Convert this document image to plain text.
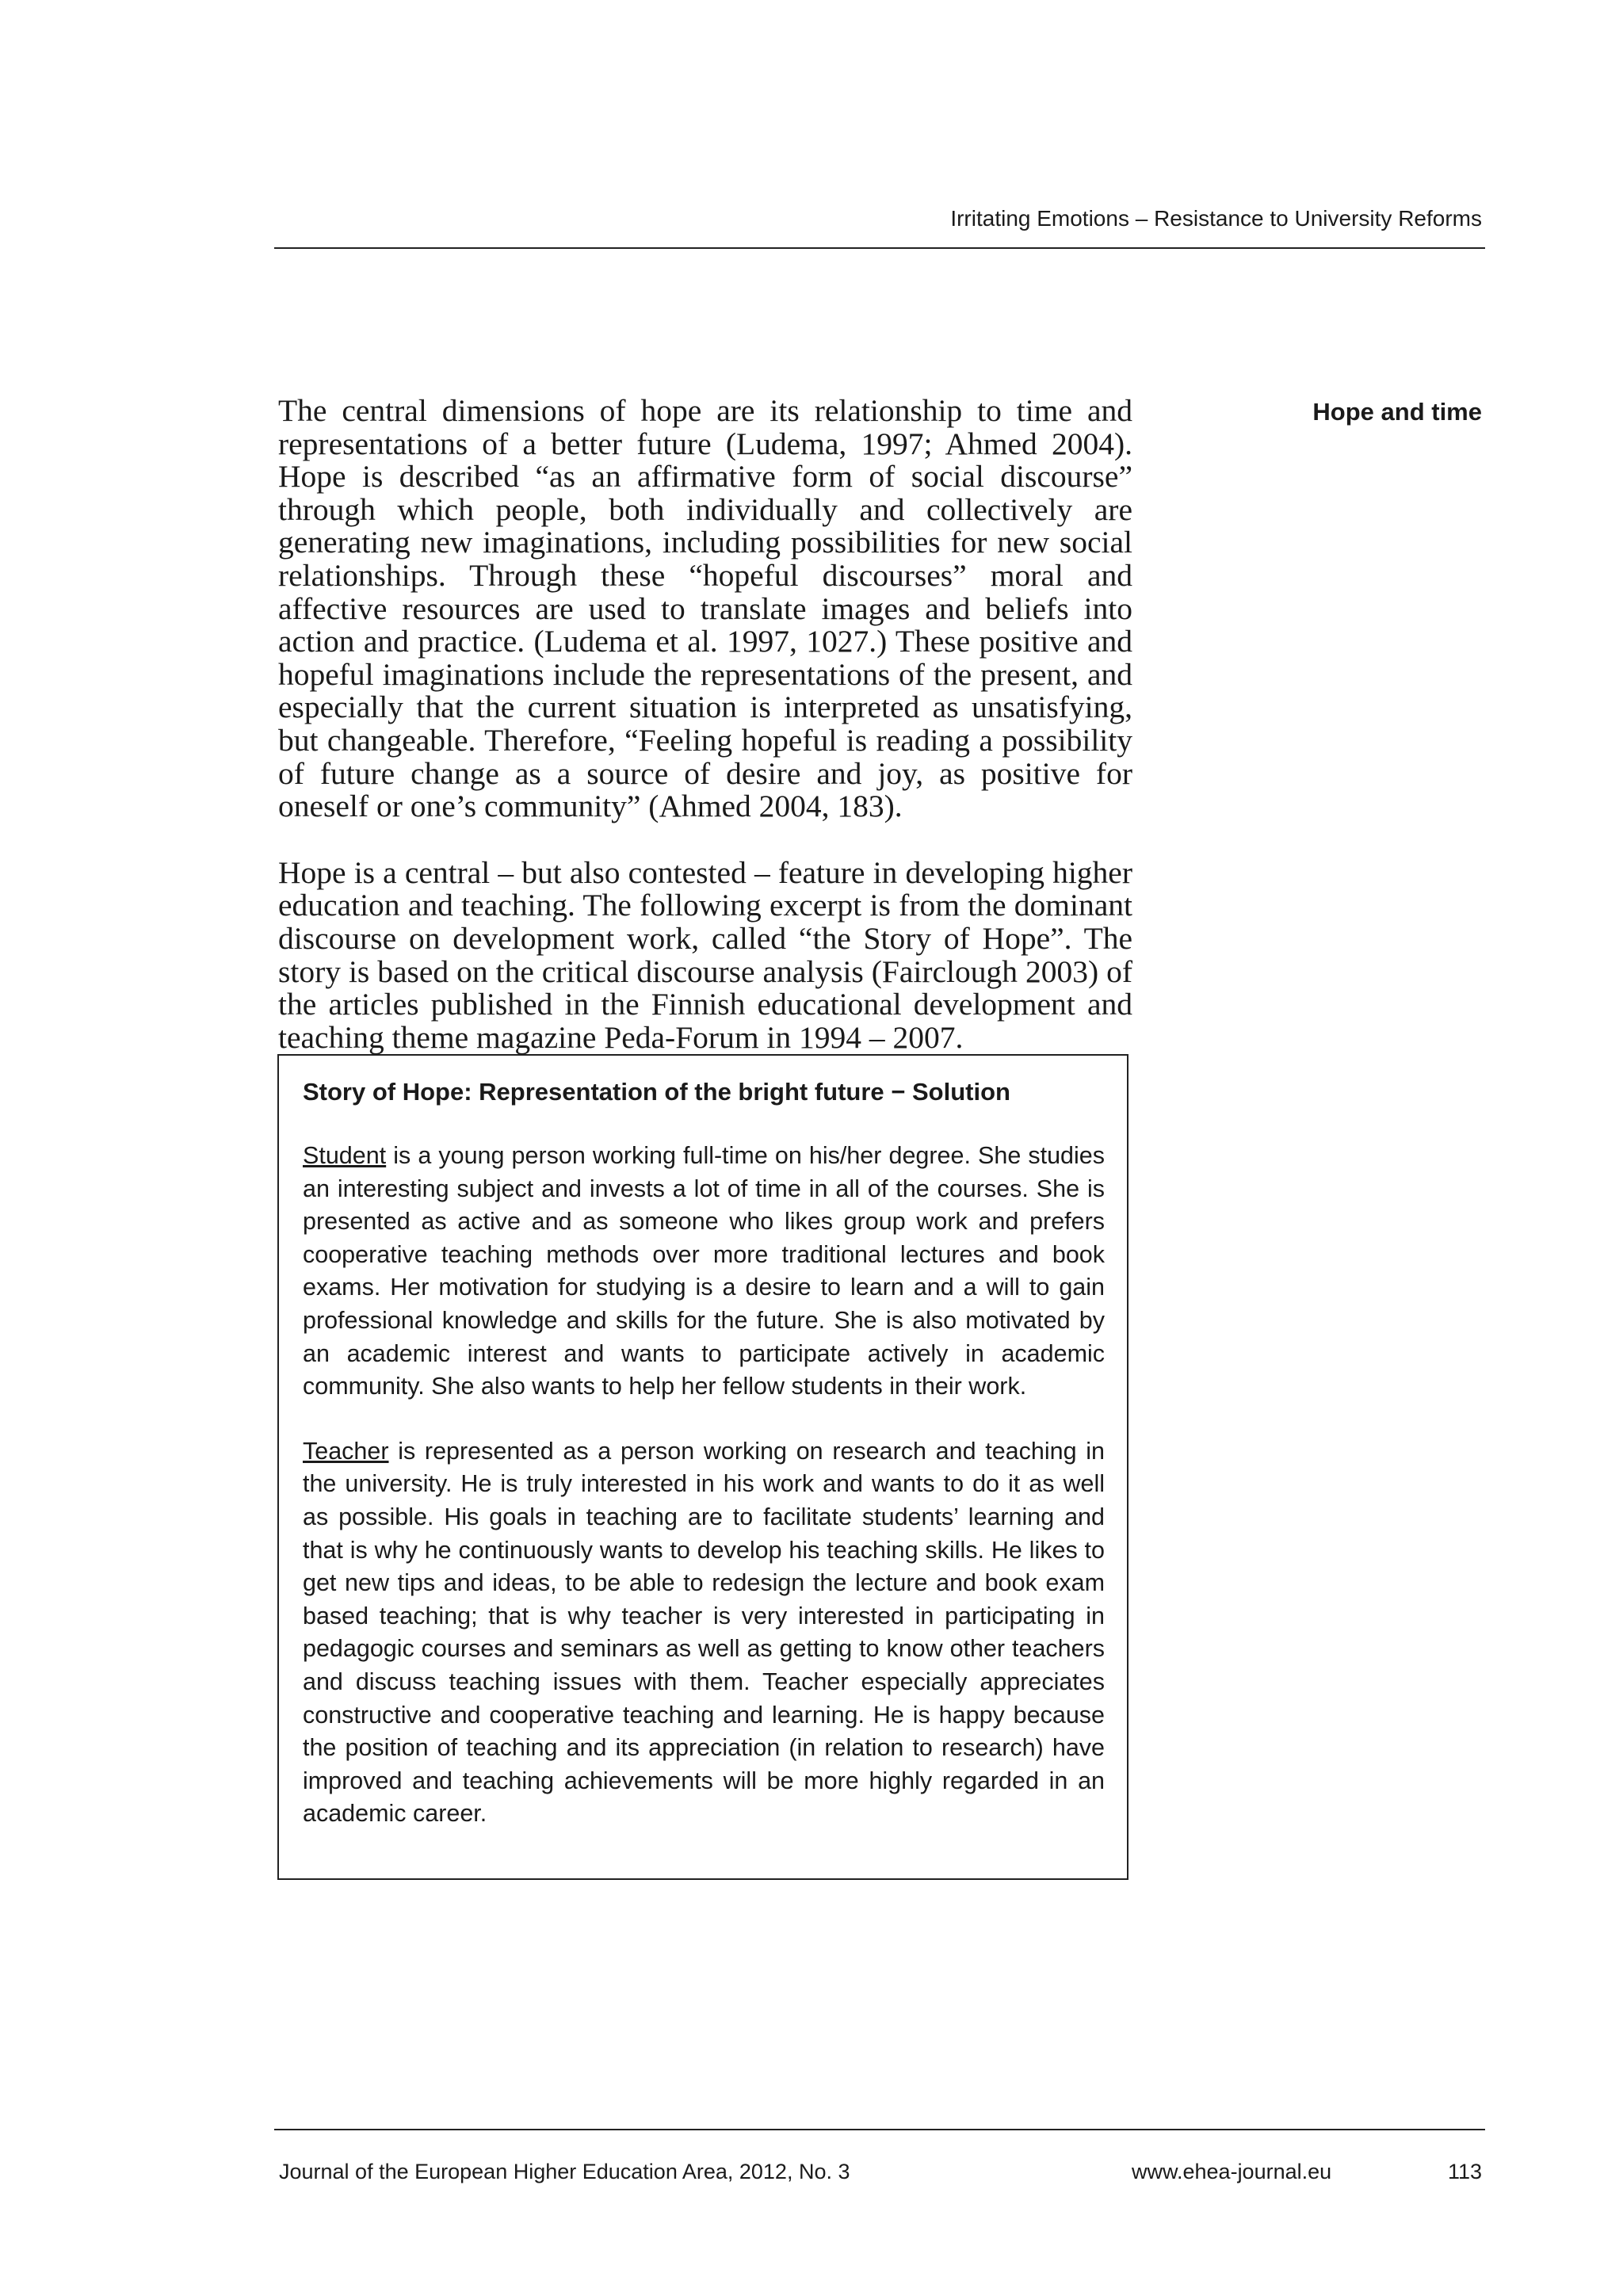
Irritating Emotions – Resistance to University Reforms
Hope and time

The central dimensions of hope are its relationship to time and representations of a better future (Ludema, 1997; Ahmed 2004). Hope is described “as an affirmative form of social discourse” through which people, both individually and collectively are generating new imaginations, including possibilities for new social relationships. Through these “hopeful discourses” moral and affective resources are used to translate images and beliefs into action and practice. (Ludema et al. 1997, 1027.) These positive and hopeful imaginations include the representations of the present, and especially that the current situation is interpreted as unsatisfying, but changeable. Therefore, “Feeling hopeful is reading a possibility of future change as a source of desire and joy, as positive for oneself or one’s community” (Ahmed 2004, 183).

Hope is a central – but also contested – feature in developing higher education and teaching. The following excerpt is from the dominant discourse on development work, called “the Story of Hope”. The story is based on the critical discourse analysis (Fairclough 2003) of the articles published in the Finnish educational development and teaching theme magazine Peda-Forum in 1994 – 2007.

Story of Hope: Representation of the bright future − Solution

Student is a young person working full-time on his/her degree. She studies an interesting subject and invests a lot of time in all of the courses. She is presented as active and as someone who likes group work and prefers cooperative teaching methods over more traditional lectures and book exams. Her motivation for studying is a desire to learn and a will to gain professional knowledge and skills for the future. She is also motivated by an academic interest and wants to participate actively in academic community. She also wants to help her fellow students in their work.

Teacher is represented as a person working on research and teaching in the university. He is truly interested in his work and wants to do it as well as possible. His goals in teaching are to facilitate students’ learning and that is why he continuously wants to develop his teaching skills. He likes to get new tips and ideas, to be able to redesign the lecture and book exam based teaching; that is why teacher is very interested in participating in pedagogic courses and seminars as well as getting to know other teachers and discuss teaching issues with them. Teacher especially appreciates constructive and cooperative teaching and learning. He is happy because the position of teaching and its appreciation (in relation to research) have improved and teaching achievements will be more highly regarded in an academic career.

Journal of the European Higher Education Area, 2012, No. 3	www.ehea-journal.eu	113
